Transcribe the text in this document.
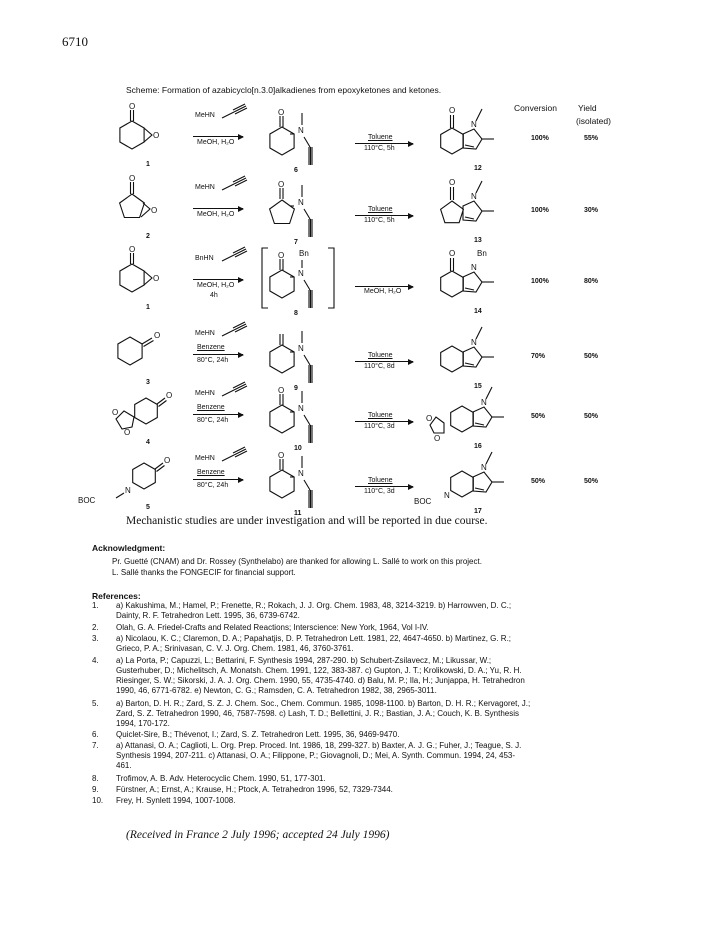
6710
Scheme: Formation of azabicyclo[n.3.0]alkadienes from epoxyketones and ketones.
Conversion Yield
(isolated)
O
O
1
MeHN
MeOH, H₂O
O
N
6
Toluene
110°C, 5h
O
N
12
100%	55%
O
O
2
MeHN
MeOH, H₂O
O
N
7
Toluene
110°C, 5h
O
N
13
100%	30%
O
O
1
BnHN
MeOH, H₂O
4h
O
N
Bn
8
MeOH, H₂O
O
N
Bn
14
100%	80%
O
3
MeHN
Benzene
80°C, 24h
N
9
Toluene
110°C, 8d
N
15
70%	50%
O
O
O
4
MeHN
Benzene
80°C, 24h
O
N
10
Toluene
110°C, 3d
N
O
O
16
50%	50%
O
N
BOC
5
MeHN
Benzene
80°C, 24h
O
N
11
Toluene
110°C, 3d
N
N
BOC
17
50%	50%
Mechanistic studies are under investigation and will be reported in due course.
Acknowledgment:
Pr. Guetté (CNAM) and Dr. Rossey (Synthelabo) are thanked for allowing L. Sallé to work on this project.
L. Sallé thanks the FONGECIF for financial support.
References:
1. a) Kakushima, M.; Hamel, P.; Frenette, R.; Rokach, J. J. Org. Chem. 1983, 48, 3214-3219. b) Harrowven, D. C.;
Dainty, R. F. Tetrahedron Lett. 1995, 36, 6739-6742.
2. Olah, G. A. Friedel-Crafts and Related Reactions; Interscience: New York, 1964, Vol I-IV.
3. a) Nicolaou, K. C.; Claremon, D. A.; Papahatjis, D. P. Tetrahedron Lett. 1981, 22, 4647-4650. b) Martinez, G. R.;
Grieco, P. A.; Srinivasan, C. V. J. Org. Chem. 1981, 46, 3760-3761.
4. a) La Porta, P.; Capuzzi, L.; Bettarini, F. Synthesis 1994, 287-290. b) Schubert-Zsilavecz, M.; Likussar, W.;
Gusterhuber, D.; Michelitsch, A. Monatsh. Chem. 1991, 122, 383-387. c) Gupton, J. T.; Krolikowski, D. A.; Yu, R. H.
Riesinger, S. W.; Sikorski, J. A. J. Org. Chem. 1990, 55, 4735-4740. d) Balu, M. P.; Ila, H.; Junjappa, H. Tetrahedron
1990, 46, 6771-6782. e) Newton, C. G.; Ramsden, C. A. Tetrahedron 1982, 38, 2965-3011.
5. a) Barton, D. H. R.; Zard, S. Z. J. Chem. Soc., Chem. Commun. 1985, 1098-1100. b) Barton, D. H. R.; Kervagoret, J.;
Zard, S. Z. Tetrahedron 1990, 46, 7587-7598. c) Lash, T. D.; Bellettini, J. R.; Bastian, J. A.; Couch, K. B. Synthesis
1994, 170-172.
6. Quiclet-Sire, B.; Thévenot, I.; Zard, S. Z. Tetrahedron Lett. 1995, 36, 9469-9470.
7. a) Attanasi, O. A.; Caglioti, L. Org. Prep. Proced. Int. 1986, 18, 299-327. b) Baxter, A. J. G.; Fuher, J.; Teague, S. J.
Synthesis 1994, 207-211. c) Attanasi, O. A.; Filippone, P.; Giovagnoli, D.; Mei, A. Synth. Commun. 1994, 24, 453-
461.
8. Trofimov, A. B. Adv. Heterocyclic Chem. 1990, 51, 177-301.
9. Fürstner, A.; Ernst, A.; Krause, H.; Ptock, A. Tetrahedron 1996, 52, 7329-7344.
10. Frey, H. Synlett 1994, 1007-1008.
(Received in France 2 July 1996; accepted 24 July 1996)
